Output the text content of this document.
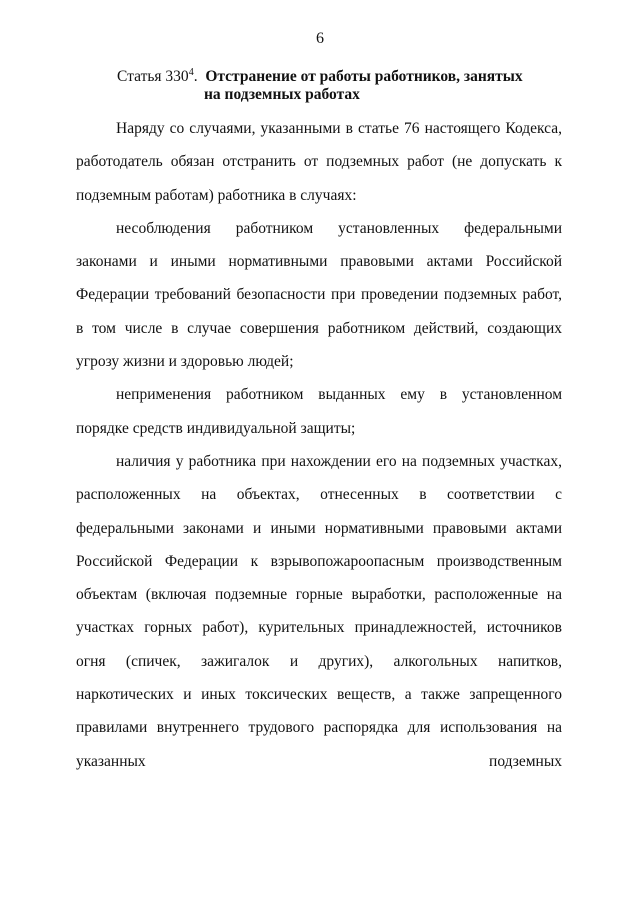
6
Статья $330^4$. Отстранение от работы работников, занятых
на подземных работах

Наряду со случаями, указанными в статье 76 настоящего Кодекса, работодатель обязан отстранить от подземных работ (не допускать к подземным работам) работника в случаях:

несоблюдения работником установленных федеральными законами и иными нормативными правовыми актами Российской Федерации требований безопасности при проведении подземных работ, в том числе в случае совершения работником действий, создающих угрозу жизни и здоровью людей;

неприменения работником выданных ему в установленном порядке средств индивидуальной защиты;

наличия у работника при нахождении его на подземных участках, расположенных на объектах, отнесенных в соответствии с федеральными законами и иными нормативными правовыми актами Российской Федерации к взрывопожароопасным производственным объектам (включая подземные горные выработки, расположенные на участках горных работ), курительных принадлежностей, источников огня (спичек, зажигалок и других), алкогольных напитков, наркотических и иных токсических веществ, а также запрещенного правилами внутреннего трудового распорядка для использования на указанных подземных
